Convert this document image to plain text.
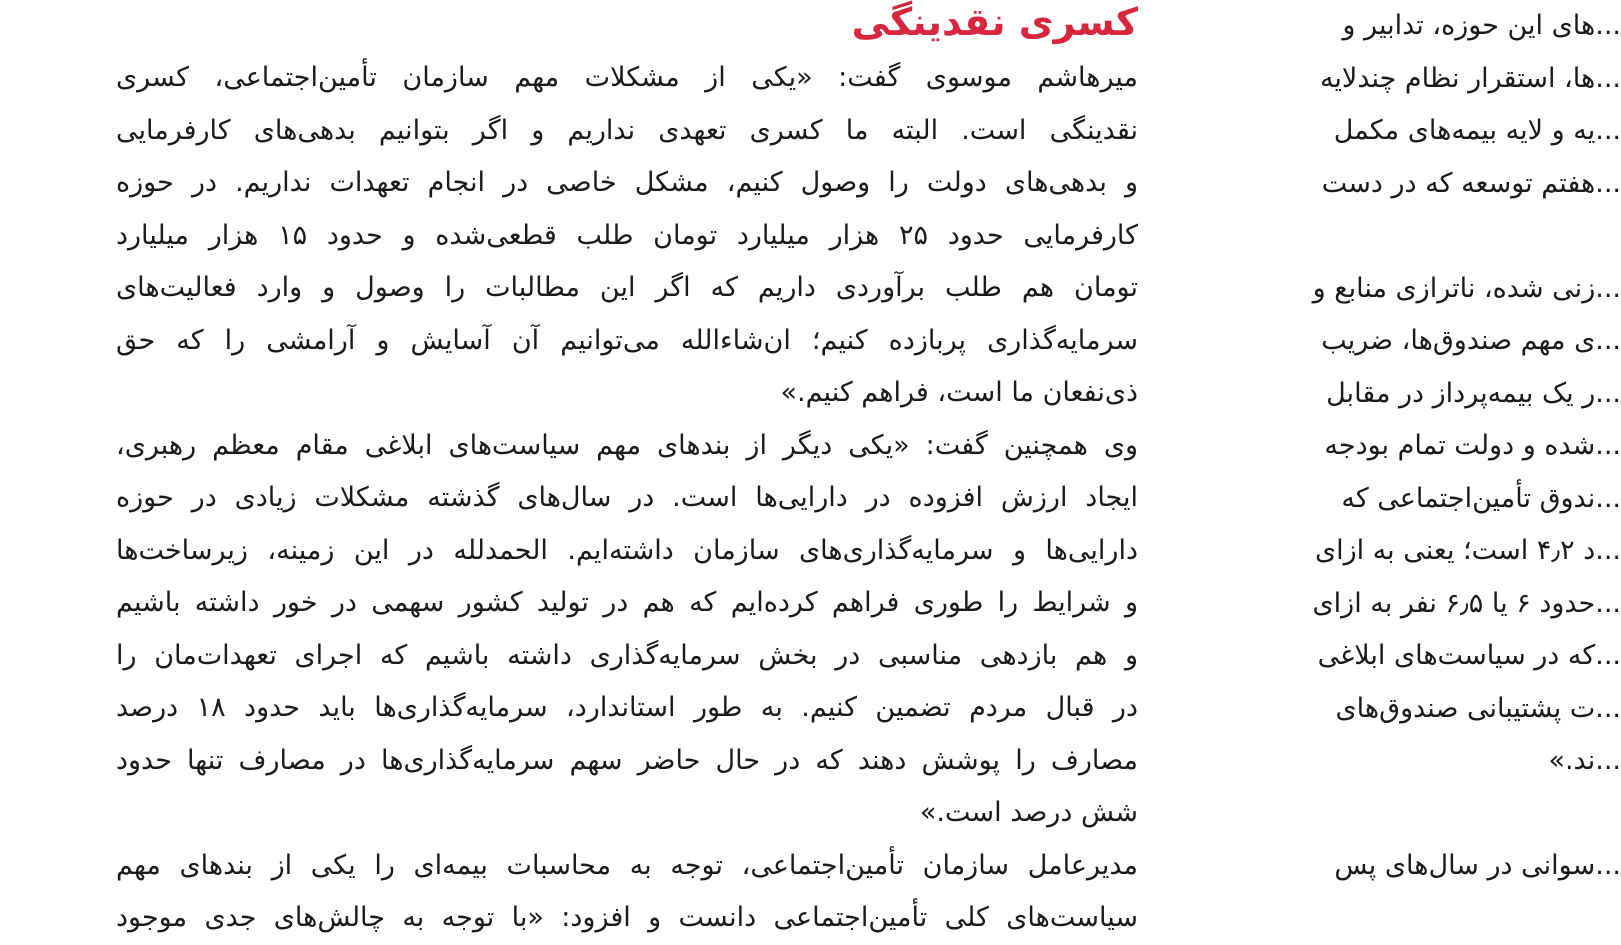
کسری نقدینگی	...های این حوزه، تدابیر و
...ها، استقرار نظام چندلایه
...یه و لایه بیمه‌های مکمل
...هفتم توسعه که در دست
...زنی شده، ناترازی منابع و
...ی مهم صندوق‌ها، ضریب
...ر یک بیمه‌پرداز در مقابل
...شده و دولت تمام بودجه
...ندوق تأمین‌اجتماعی که
...د ۴٫۲ است؛ یعنی به ازای
...حدود ۶ یا ۶٫۵ نفر به ازای
...که در سیاست‌های ابلاغی
...ت پشتیبانی صندوق‌های
...ند.»
...سوانی در سال‌های پس
میرهاشم موسوی گفت: «یکی از مشکلات مهم سازمان تأمین‌اجتماعی، کسری
نقدینگی است. البته ما کسری تعهدی نداریم و اگر بتوانیم بدهی‌های کارفرمایی
و بدهی‌های دولت را وصول کنیم، مشکل خاصی در انجام تعهدات نداریم. در حوزه
کارفرمایی حدود ۲۵ هزار میلیارد تومان طلب قطعی‌شده و حدود ۱۵ هزار میلیارد
تومان هم طلب برآوردی داریم که اگر این مطالبات را وصول و وارد فعالیت‌های
سرمایه‌گذاری پربازده کنیم؛ ان‌شاءالله می‌توانیم آن آسایش و آرامشی را که حق
ذی‌نفعان ما است، فراهم کنیم.»
وی همچنین گفت: «یکی دیگر از بندهای مهم سیاست‌های ابلاغی مقام معظم رهبری،
ایجاد ارزش افزوده در دارایی‌ها است. در سال‌های گذشته مشکلات زیادی در حوزه
دارایی‌ها و سرمایه‌گذاری‌های سازمان داشته‌ایم. الحمدلله در این زمینه، زیرساخت‌ها
و شرایط را طوری فراهم کرده‌ایم که هم در تولید کشور سهمی در خور داشته باشیم
و هم بازدهی مناسبی در بخش سرمایه‌گذاری داشته باشیم که اجرای تعهدات‌مان را
در قبال مردم تضمین کنیم. به طور استاندارد، سرمایه‌گذاری‌ها باید حدود ۱۸ درصد
مصارف را پوشش دهند که در حال حاضر سهم سرمایه‌گذاری‌ها در مصارف تنها حدود
شش درصد است.»
مدیرعامل سازمان تأمین‌اجتماعی، توجه به محاسبات بیمه‌ای را یکی از بندهای مهم
سیاست‌های کلی تأمین‌اجتماعی دانست و افزود: «با توجه به چالش‌های جدی موجود
